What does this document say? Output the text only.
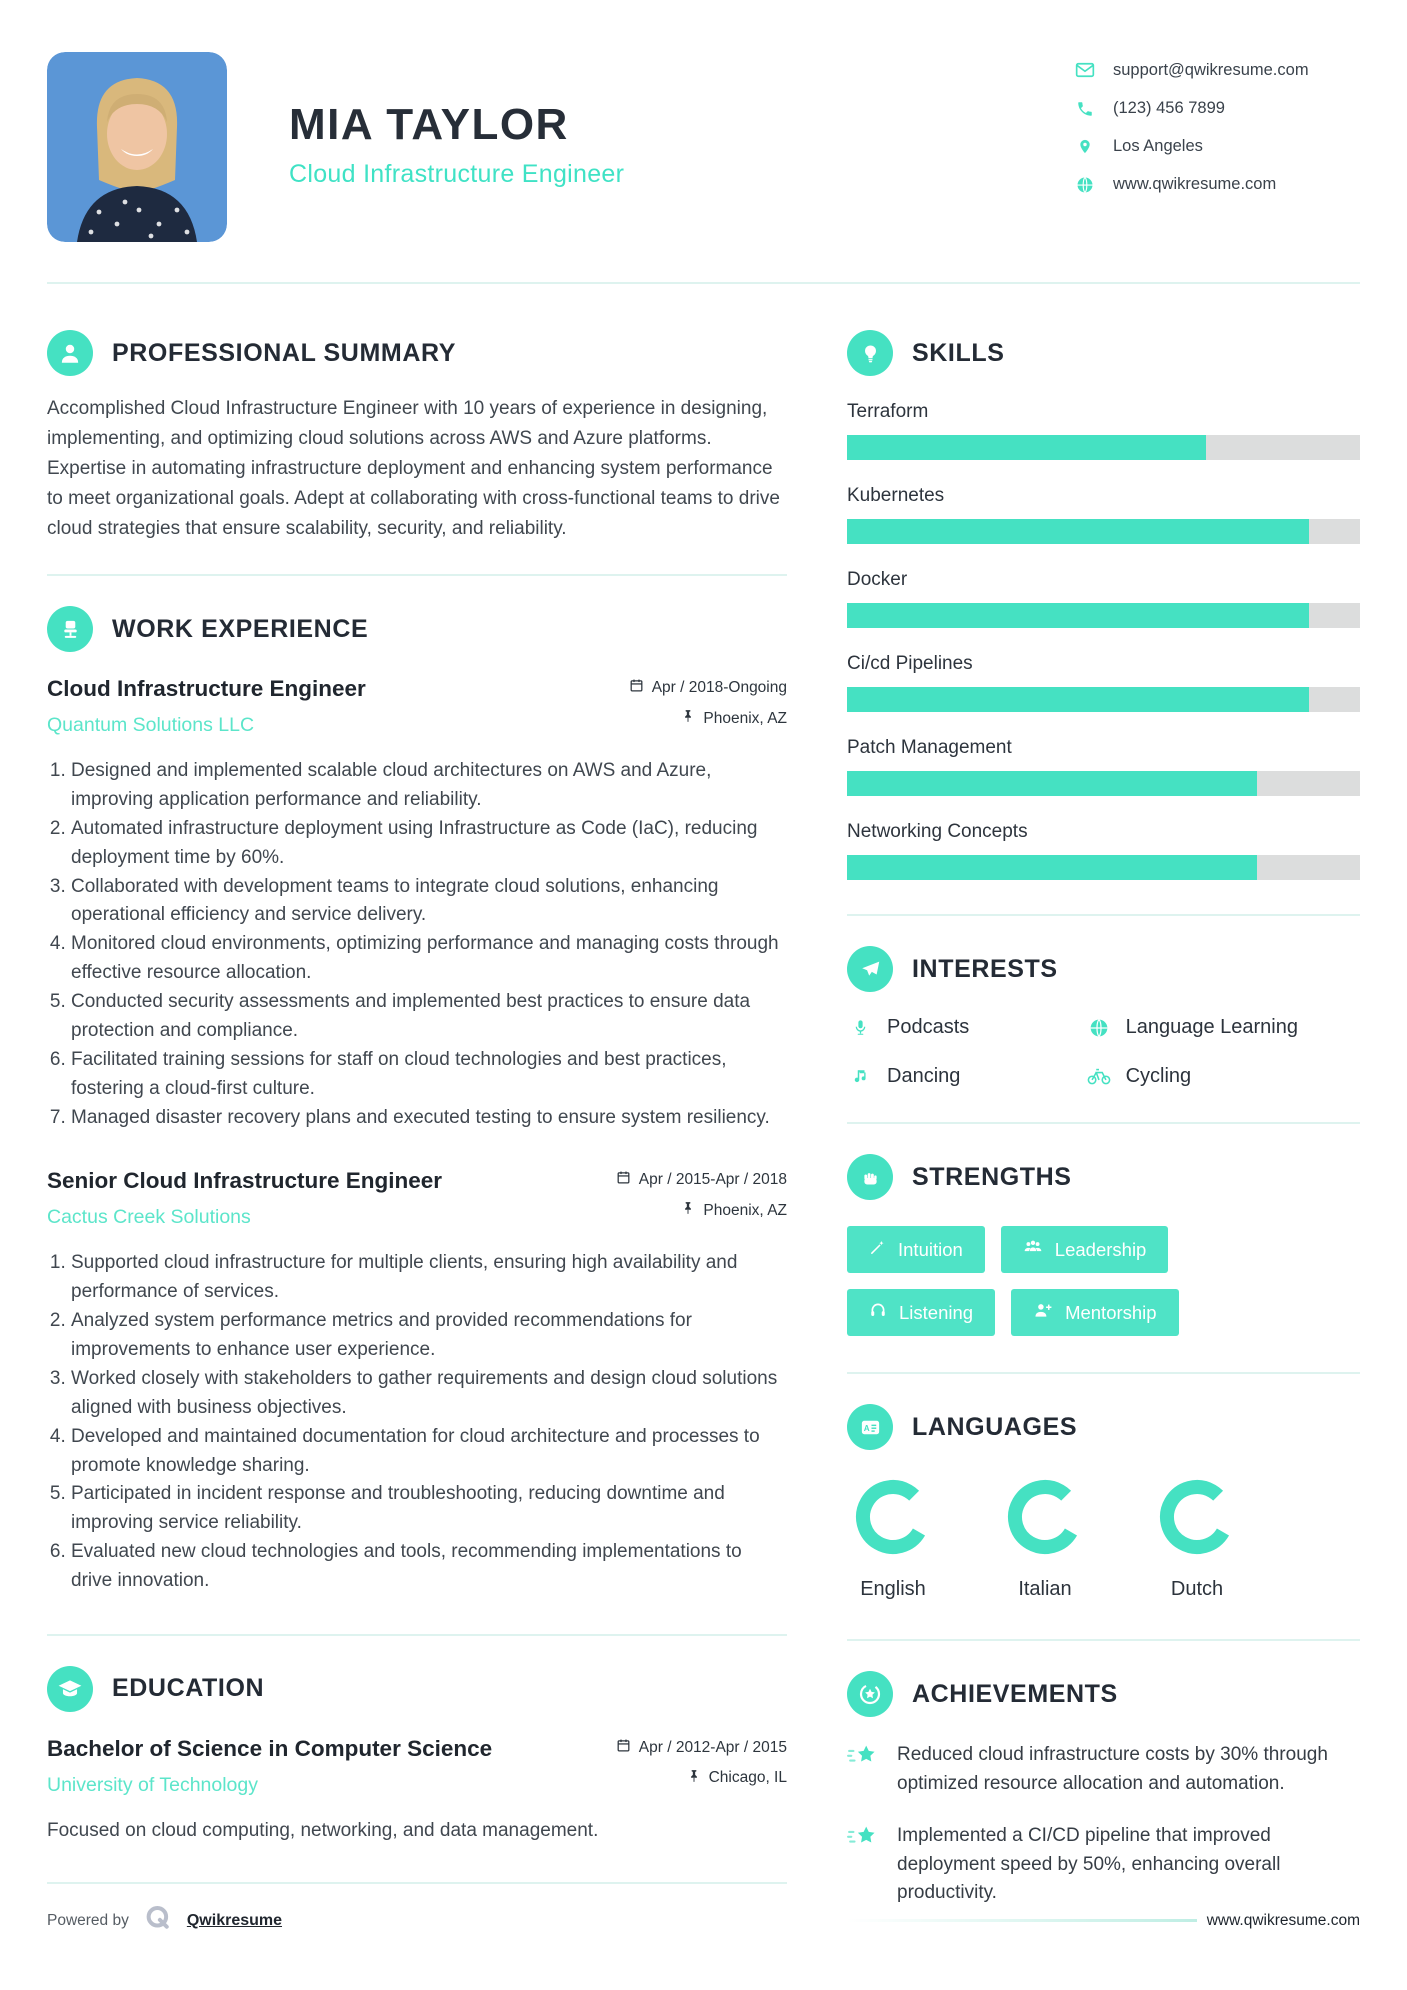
MIA TAYLOR
Cloud Infrastructure Engineer
support@qwikresume.com
(123) 456 7899
Los Angeles
www.qwikresume.com
PROFESSIONAL SUMMARY

Accomplished Cloud Infrastructure Engineer with 10 years of experience in designing, implementing, and optimizing cloud solutions across AWS and Azure platforms. Expertise in automating infrastructure deployment and enhancing system performance to meet organizational goals. Adept at collaborating with cross-functional teams to drive cloud strategies that ensure scalability, security, and reliability.

WORK EXPERIENCE
Cloud Infrastructure Engineer
Quantum Solutions LLC
Apr / 2018-Ongoing
Phoenix, AZ
1. Designed and implemented scalable cloud architectures on AWS and Azure, improving application performance and reliability.
2. Automated infrastructure deployment using Infrastructure as Code (IaC), reducing deployment time by 60%.
3. Collaborated with development teams to integrate cloud solutions, enhancing operational efficiency and service delivery.
4. Monitored cloud environments, optimizing performance and managing costs through effective resource allocation.
5. Conducted security assessments and implemented best practices to ensure data protection and compliance.
6. Facilitated training sessions for staff on cloud technologies and best practices, fostering a cloud-first culture.
7. Managed disaster recovery plans and executed testing to ensure system resiliency.
Senior Cloud Infrastructure Engineer
Cactus Creek Solutions
Apr / 2015-Apr / 2018
Phoenix, AZ
1. Supported cloud infrastructure for multiple clients, ensuring high availability and performance of services.
2. Analyzed system performance metrics and provided recommendations for improvements to enhance user experience.
3. Worked closely with stakeholders to gather requirements and design cloud solutions aligned with business objectives.
4. Developed and maintained documentation for cloud architecture and processes to promote knowledge sharing.
5. Participated in incident response and troubleshooting, reducing downtime and improving service reliability.
6. Evaluated new cloud technologies and tools, recommending implementations to drive innovation.
EDUCATION
Bachelor of Science in Computer Science
University of Technology
Apr / 2012-Apr / 2015
Chicago, IL
Focused on cloud computing, networking, and data management.
SKILLS
Terraform
Kubernetes
Docker
Ci/cd Pipelines
Patch Management
Networking Concepts
INTERESTS
Podcasts	Language Learning
Dancing	Cycling
STRENGTHS
Intuition	Leadership
Listening	Mentorship
A LANGUAGES
English	Italian	Dutch
ACHIEVEMENTS
Reduced cloud infrastructure costs by 30% through optimized resource allocation and automation.
Implemented a CI/CD pipeline that improved deployment speed by 50%, enhancing overall productivity.
Powered by	Qwikresume	www.qwikresume.com
